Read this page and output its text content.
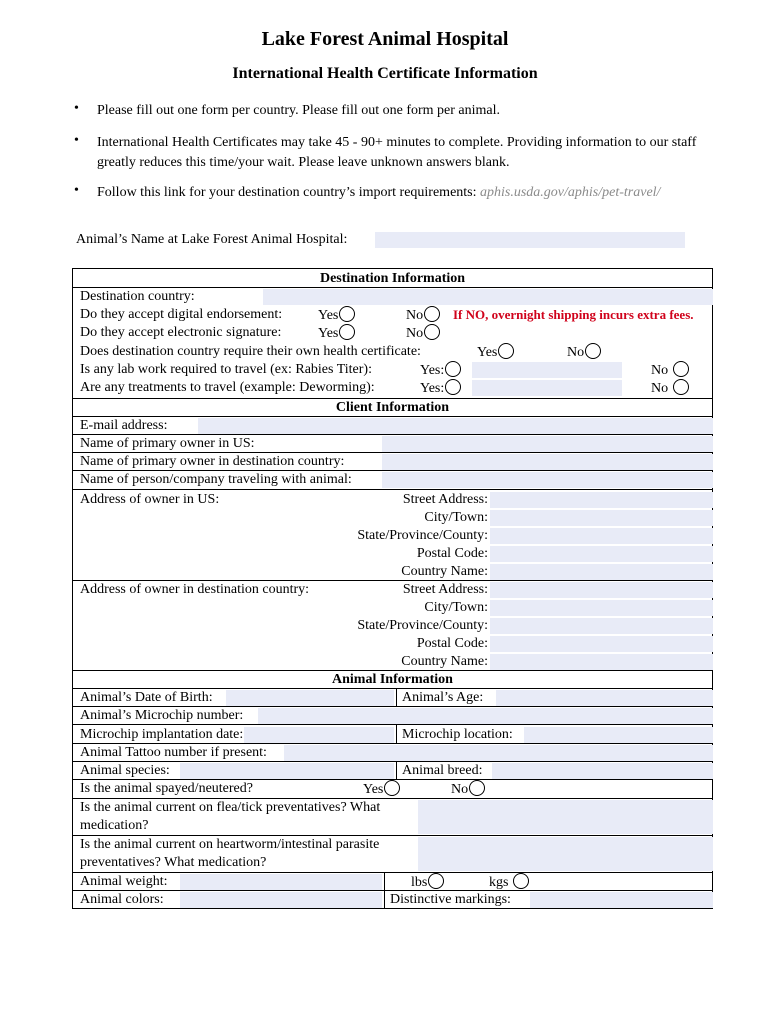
Lake Forest Animal Hospital
International Health Certificate Information
•	Please fill out one form per country. Please fill out one form per animal.
•	International Health Certificates may take 45 - 90+ minutes to complete. Providing information to our staff greatly reduces this time/your wait. Please leave unknown answers blank.
•	Follow this link for your destination country’s import requirements: aphis.usda.gov/aphis/pet-travel/
Animal’s Name at Lake Forest Animal Hospital:
Destination Information
Destination country:
Do they accept digital endorsement:	Yes	No	If NO, overnight shipping incurs extra fees.
Do they accept electronic signature:	Yes	No
Does destination country require their own health certificate:	Yes	No
Is any lab work required to travel (ex: Rabies Titer):	Yes:	No
Are any treatments to travel (example: Deworming):	Yes:	No
Client Information
E-mail address:
Name of primary owner in US:
Name of primary owner in destination country:
Name of person/company traveling with animal:
Address of owner in US:	Street Address:
City/Town:
State/Province/County:
Postal Code:
Country Name:
Address of owner in destination country:	Street Address:
City/Town:
State/Province/County:
Postal Code:
Country Name:
Animal Information
Animal’s Date of Birth:	Animal’s Age:
Animal’s Microchip number:
Microchip implantation date:	Microchip location:
Animal Tattoo number if present:
Animal species:	Animal breed:
Is the animal spayed/neutered?	Yes	No
Is the animal current on flea/tick preventatives? What medication?
Is the animal current on heartworm/intestinal parasite preventatives? What medication?
Animal weight:	lbs	kgs
Animal colors:	Distinctive markings:
